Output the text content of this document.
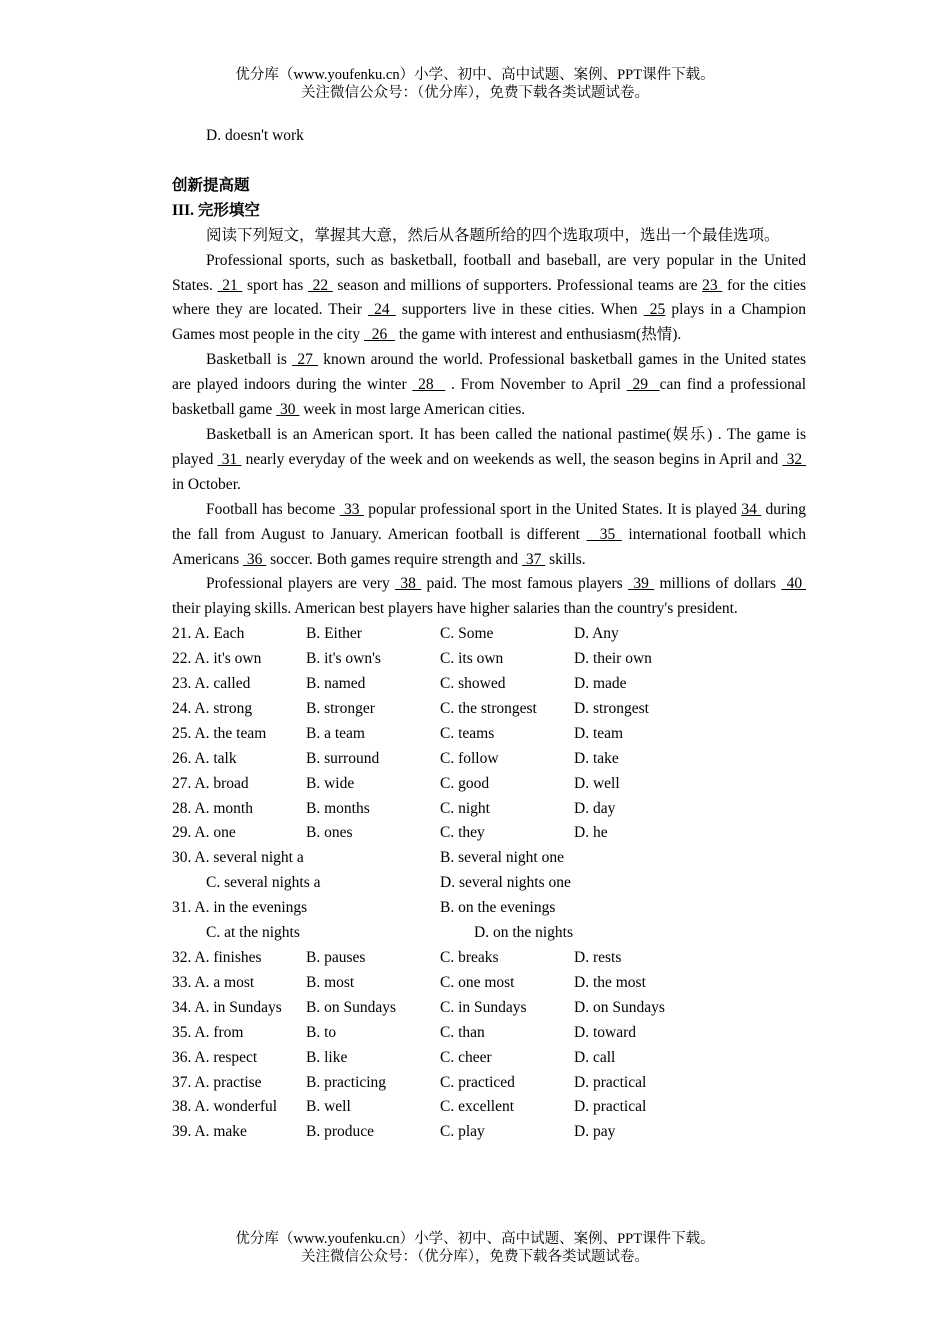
优分库（www.youfenku.cn）小学、初中、高中试题、案例、PPT课件下载。
关注微信公众号：（优分库），免费下载各类试题试卷。
D. doesn't work
创新提高题
III. 完形填空

阅读下列短文，掌握其大意，然后从各题所给的四个选取项中，选出一个最佳选项。

Professional sports, such as basketball, football and baseball, are very popular in the United States.  21  sport has  22  season and millions of supporters. Professional teams are 23  for the cities where they are located. Their  24  supporters live in these cities. When  25 plays in a Champion Games most people in the city   26   the game with interest and enthusiasm(热情).

Basketball is  27  known around the world. Professional basketball games in the United states are played indoors during the winter  28   . From November to April  29  can find a professional basketball game  30  week in most large American cities.

Basketball is an American sport. It has been called the national pastime(娱乐) . The game is played  31  nearly everyday of the week and on weekends as well, the season begins in April and  32  in October.

Football has become  33  popular professional sport in the United States. It is played 34  during the fall from August to January. American football is different   35  international football which Americans  36  soccer. Both games require strength and  37  skills.

Professional players are very  38  paid. The most famous players  39  millions of dollars  40  their playing skills. American best players have higher salaries than the country's president.

21. A. Each	B. Either	C. Some	D. Any
22. A. it's own	B. it's own's	C. its own	D. their own
23. A. called	B. named	C. showed	D. made
24. A. strong	B. stronger	C. the strongest	D. strongest
25. A. the team	B. a team	C. teams	D. team
26. A. talk	B. surround	C. follow	D. take
27. A. broad	B. wide	C. good	D. well
28. A. month	B. months	C. night	D. day
29. A. one	B. ones	C. they	D. he
30. A. several night a	B. several night one
C. several nights a	D. several nights one
31. A. in the evenings	B. on the evenings
C. at the nights	D. on the nights
32. A. finishes	B. pauses	C. breaks	D. rests
33. A. a most	B. most	C. one most	D. the most
34. A. in Sundays	B. on Sundays	C. in Sundays	D. on Sundays
35. A. from	B. to	C. than	D. toward
36. A. respect	B. like	C. cheer	D. call
37. A. practise	B. practicing	C. practiced	D. practical
38. A. wonderful	B. well	C. excellent	D. practical
39. A. make	B. produce	C. play	D. pay
优分库（www.youfenku.cn）小学、初中、高中试题、案例、PPT课件下载。
关注微信公众号：（优分库），免费下载各类试题试卷。
